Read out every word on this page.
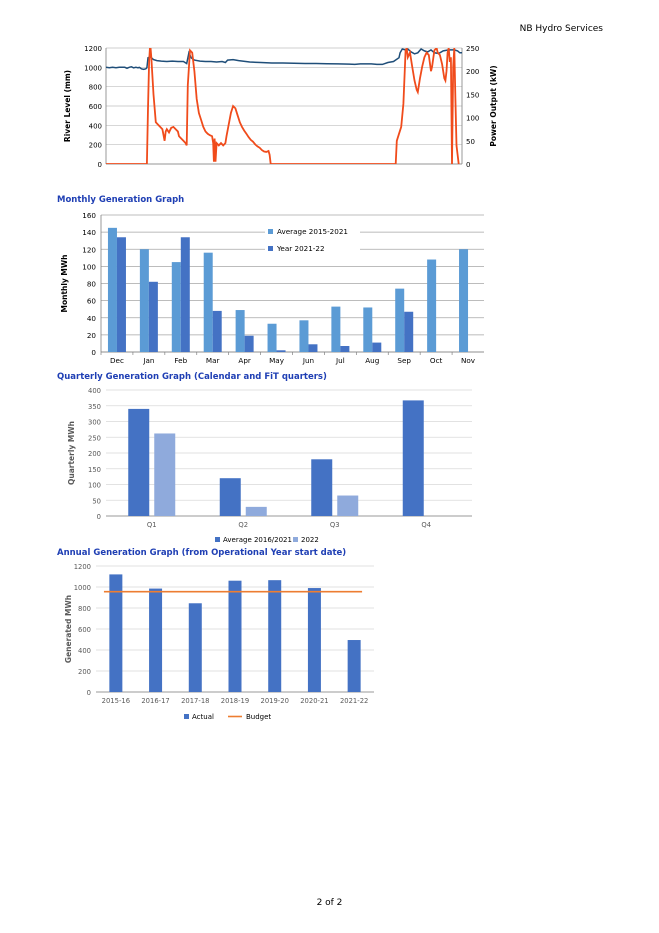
NB Hydro Services
0
200
400
600
800
1000
1200
0
50
100
150
200
250
River Level (mm)	Power Output (kW)
Monthly Generation Graph
0
20
40
60
80
100
120
140
160
Monthly MWh
Dec	Jan	Feb	Mar	Apr	May	Jun	Jul	Aug	Sep	Oct	Nov
Average 2015-2021
Year 2021-22
Quarterly Generation Graph (Calendar and FiT quarters)
0
50
100
150
200
250
300
350
400
Quarterly MWh
Q1	Q2	Q3	Q4
Average 2016/2021 2022
Annual Generation Graph (from Operational Year start date)
0
200
400
600
800
1000
1200
Generated MWh
2015-16 2016-17 2017-18 2018-19 2019-20 2020-21 2021-22
Actual	Budget
2 of 2
